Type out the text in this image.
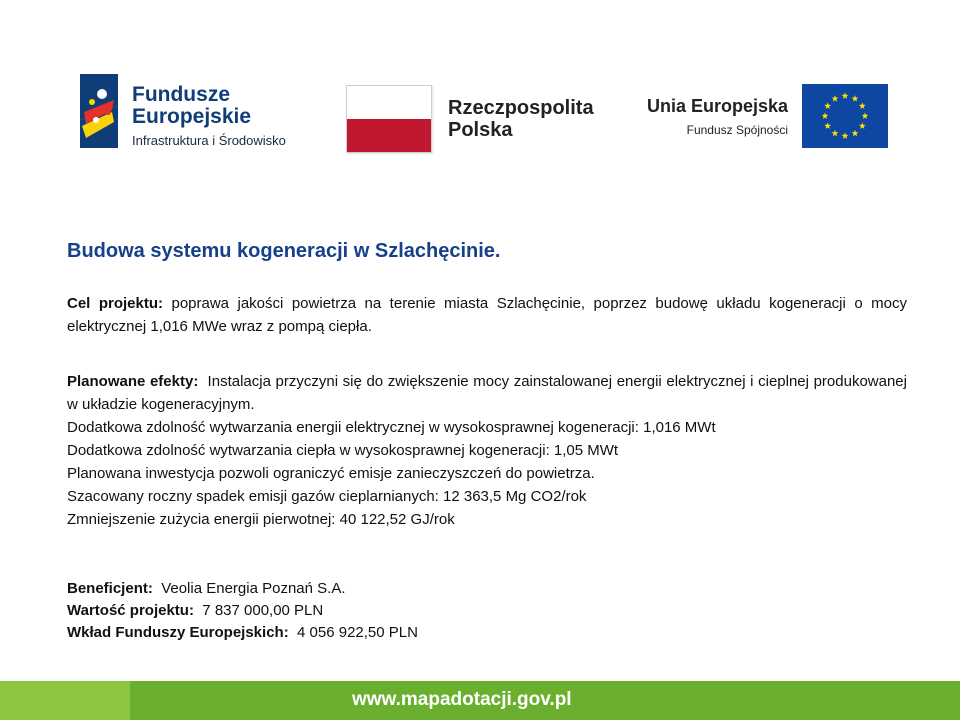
Fundusze
Europejskie
Infrastruktura i Środowisko
Rzeczpospolita
Polska
Unia Europejska
Fundusz Spójności
Budowa systemu kogeneracji w Szlachęcinie.
Cel projektu: poprawa jakości powietrza na terenie miasta Szlachęcinie, poprzez budowę układu kogeneracji o mocy elektrycznej 1,016 MWe wraz z pompą ciepła.
Planowane efekty:  Instalacja przyczyni się do zwiększenie mocy zainstalowanej energii elektrycznej i cieplnej produkowanej w układzie kogeneracyjnym.
Dodatkowa zdolność wytwarzania energii elektrycznej w wysokosprawnej kogeneracji: 1,016 MWt
Dodatkowa zdolność wytwarzania ciepła w wysokosprawnej kogeneracji: 1,05 MWt
Planowana inwestycja pozwoli ograniczyć emisje zanieczyszczeń do powietrza.
Szacowany roczny spadek emisji gazów cieplarnianych: 12 363,5 Mg CO2/rok
Zmniejszenie zużycia energii pierwotnej: 40 122,52 GJ/rok
Beneficjent:  Veolia Energia Poznań S.A.
Wartość projektu:  7 837 000,00 PLN
Wkład Funduszy Europejskich:  4 056 922,50 PLN
www.mapadotacji.gov.pl
